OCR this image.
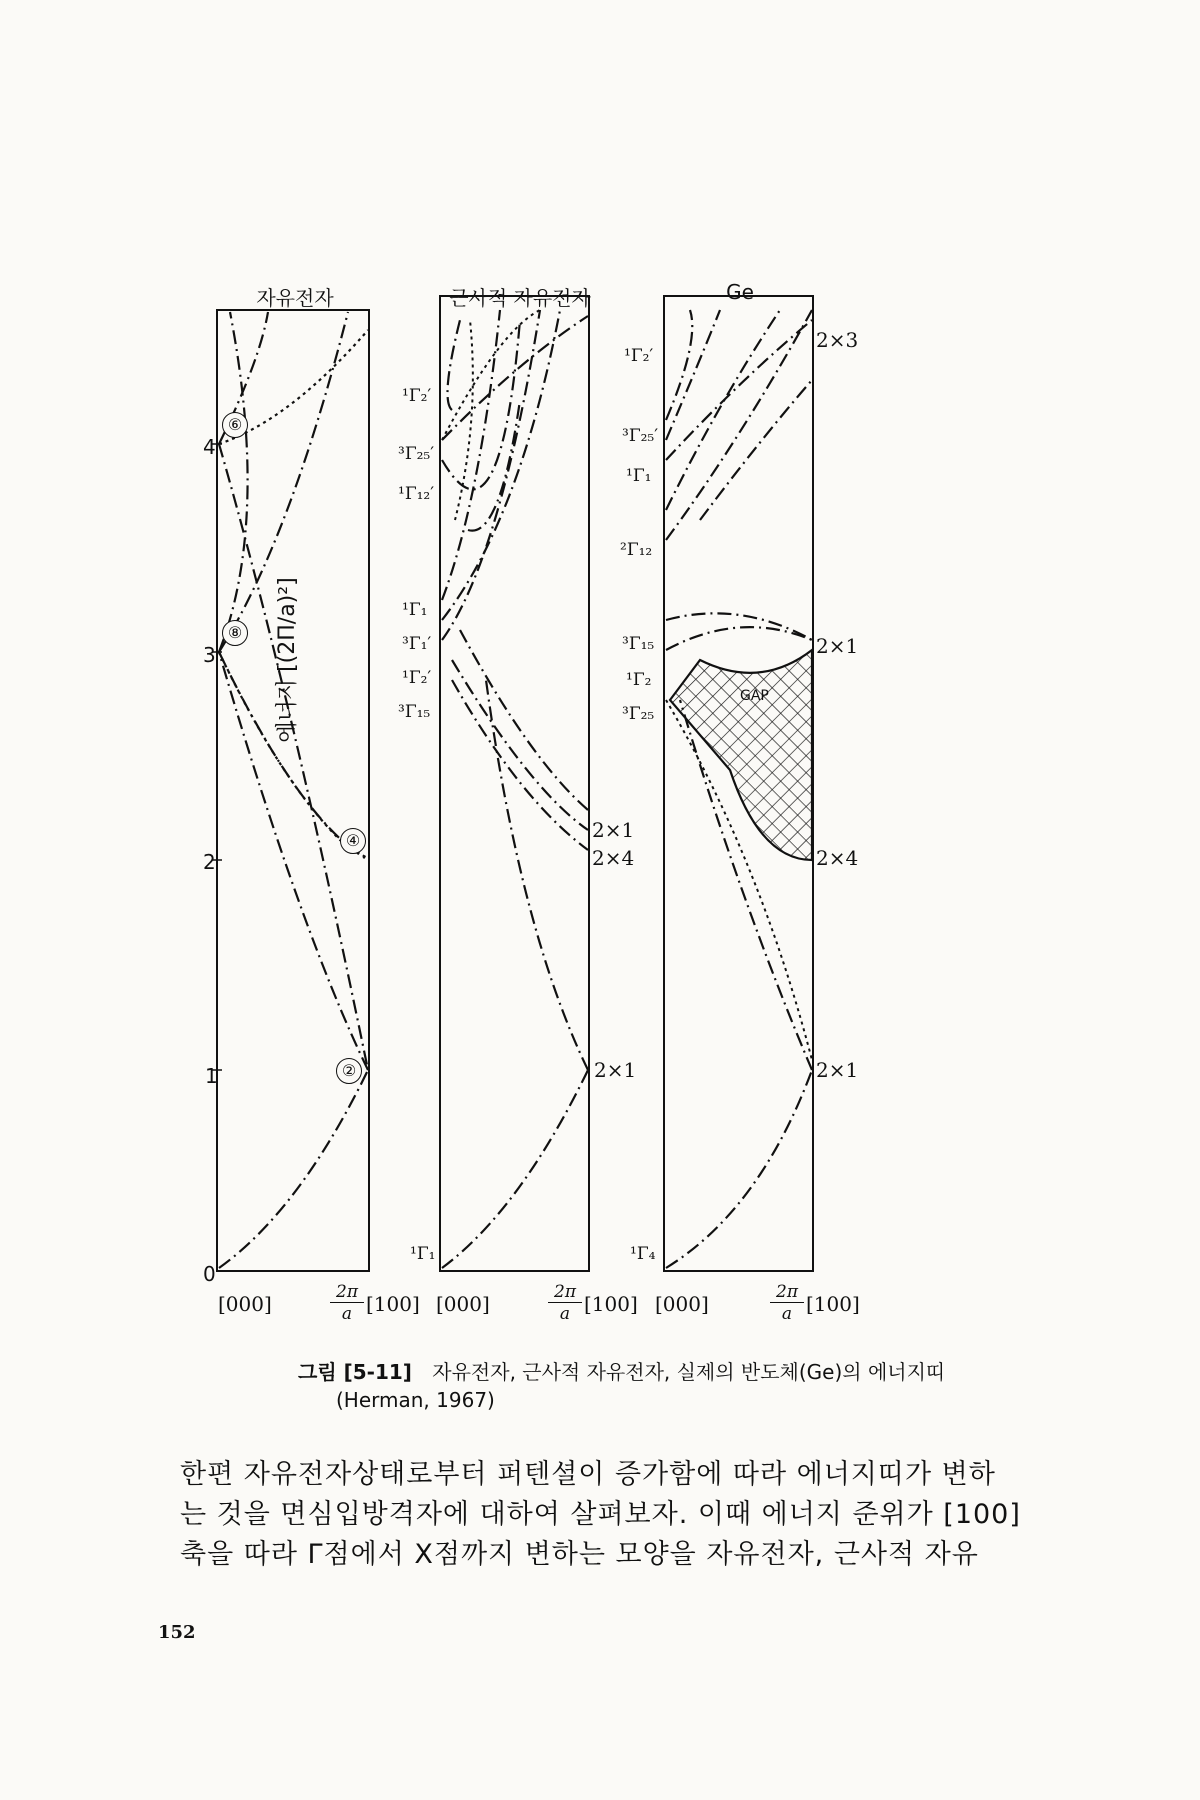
자유전자	근사적 자유전자	Ge
에너지 [(2Π/a)²]
0
1
2
3
4
[000]	2π
a [100] [000]	2π
a [100] [000]	2π
a [100]
⑥
⑧
④
②
¹Γ₂′
³Γ₂₅′
¹Γ₁₂′
¹Γ₁
³Γ₁′
¹Γ₂′
³Γ₁₅
¹Γ₁
2×1
2×4
2×1
¹Γ₂′
³Γ₂₅′
¹Γ₁
²Γ₁₂
³Γ₁₅
¹Γ₂
³Γ₂₅
¹Γ₄
2×3
2×1
2×4
2×1
GAP
그림 [5-11] 자유전자, 근사적 자유전자, 실제의 반도체(Ge)의 에너지띠
(Herman, 1967)
한편 자유전자상태로부터 퍼텐셜이 증가함에 따라 에너지띠가 변하
는 것을 면심입방격자에 대하여 살펴보자. 이때 에너지 준위가 [100]
축을 따라 Γ점에서 X점까지 변하는 모양을 자유전자, 근사적 자유
152
